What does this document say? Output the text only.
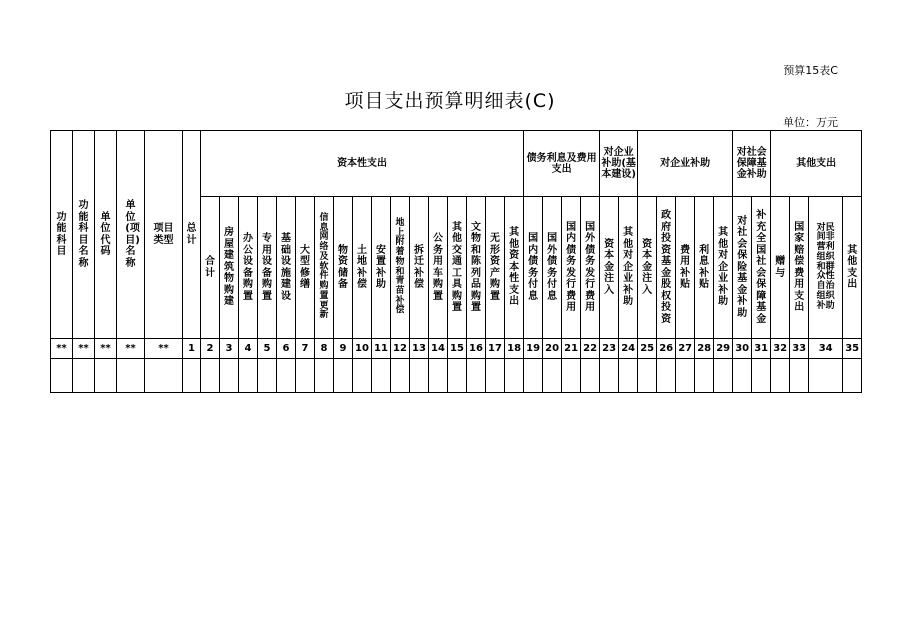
预算15表C
项目支出预算明细表(C)
单位：万元
功能科目	功能科目名称	单位代码	单位(项目)名称	项目类型	总计	资本性支出																	债务利息及费用支出				对企业补助(基本建设)		对企业补助					对社会保障基金补助		其他支出			
						合计	房屋建筑物购建	办公设备购置	专用设备购置	基础设施建设	大型修缮	信息网络及软件购置更新	物资储备	土地补偿	安置补助	地上附着物和青苗补偿	拆迁补偿	公务用车购置	其他交通工具购置	文物和陈列品购置	无形资产购置	其他资本性支出	国内债务付息	国外债务付息	国内债务发行费用	国外债务发行费用	资本金注入	其他对企业补助	资本金注入	政府投资基金股权投资	费用补贴	利息补贴	其他对企业补助	对社会保险基金补助	补充全国社会保障基金	赠与	国家赔偿费用支出	对民间非营利组织和群众性自治组织补助	其他支出
**	**	**	**	**	1	2	3	4	5	6	7	8	9	10	11	12	13	14	15	16	17	18	19	20	21	22	23	24	25	26	27	28	29	30	31	32	33	34	35
